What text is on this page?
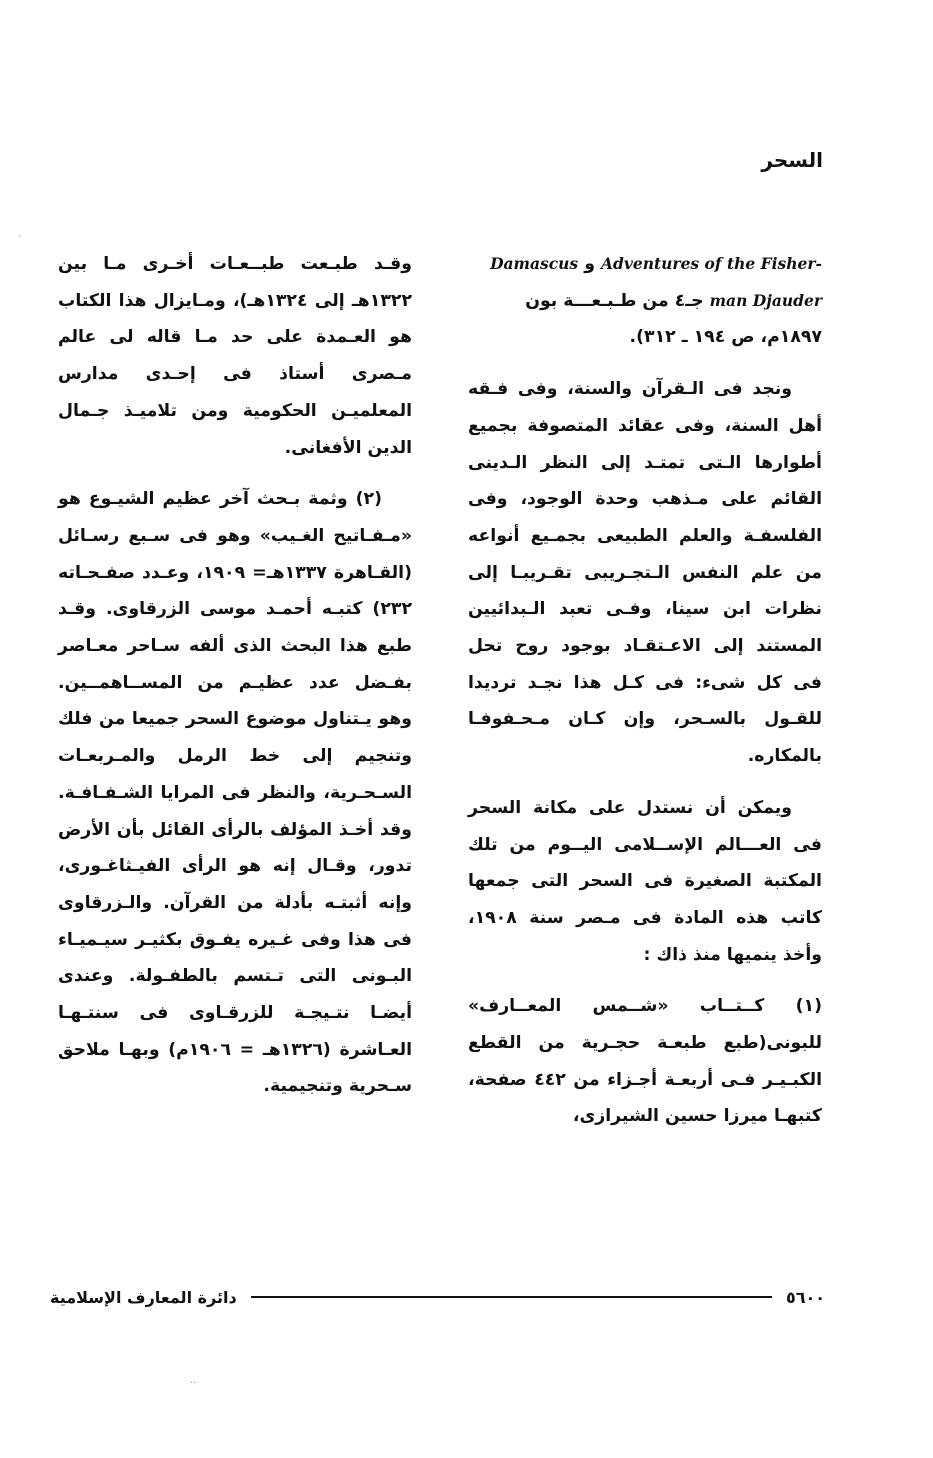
السحر

Adventures of the Fisher- و Damascus
man Djauder جـ٤ من طـبـعـــة بون
١٨٩٧م، ص ١٩٤ ـ ٣١٢).

ونجد فى الـقرآن والسنة، وفى فـقه أهل السنة، وفى عقائد المتصوفة بجميع أطوارها الـتى تمتـد إلى النظر الـدينى القائم على مـذهب وحدة الوجود، وفى الفلسفـة والعلم الطبيعى بجمـيع أنواعه من علم النفس الـتجـريبى تقـريبـا إلى نظرات ابن سينا، وفـى تعبد الـبدائيين المستند إلى الاعـتقـاد بوجود روح تحل فى كل شىء: فى كـل هذا نجـد ترديدا للقـول بالسـحر، وإن كـان مـحـفوفـا بالمكاره.

ويمكن أن نستدل على مكانة السحر فى العـــالم الإســلامى اليــوم من تلك المكتبة الصغيرة فى السحر التى جمعها كاتب هذه المادة فى مـصر سنة ١٩٠٨، وأخذ ينميها منذ ذاك :

(١) كــتــاب «شــمس المعــارف» للبونى(طبع طبعـة حجـرية من القطع الكبـيـر فـى أربعـة أجـزاء من ٤٤٢ صفحة، كتبهـا ميرزا حسين الشيرازى،

وقـد طبـعت طبــعـات أخـرى مـا بين ١٣٢٢هـ إلى ١٣٢٤هـ)، ومـايزال هذا الكتاب هو العـمدة على حد مـا قاله لى عالم مـصرى أستاذ فى إحـدى مدارس المعلميـن الحكومية ومن تلاميـذ جـمال الدين الأفغانى.

(٢) وثمة بـحث آخر عظيم الشيـوع هو «مـفـاتيح الغـيب» وهو فى سـبع رسـائل (القـاهرة ١٣٣٧هـ= ١٩٠٩، وعـدد صفـحـاته ٢٣٢) كتبـه أحمـد موسى الزرقاوى. وقـد طبع هذا البحث الذى ألفه سـاحر معـاصر بفـضل عدد عظيـم من المســاهمــين. وهو يـتناول موضوع السحر جميعا من فلك وتنجيم إلى خط الرمل والمـربعـات السـحـرية، والنظر فى المرايا الشـفـافـة. وقد أخـذ المؤلف بالرأى القائل بأن الأرض تدور، وقـال إنه هو الرأى الفيـثاغـورى، وإنه أثبتـه بأدلة من القرآن. والـزرقاوى فى هذا وفى غـيره يفـوق بكثيـر سيـميـاء البـونى التى تـتسم بالطفـولة. وعندى أيضـا نتـيجـة للزرقـاوى فى سنتـهـا العـاشرة (١٣٢٦هـ = ١٩٠٦م) وبهـا ملاحق سـحرية وتنجيمية.

دائرة المعارف الإسلامية	٥٦٠٠
·
··
